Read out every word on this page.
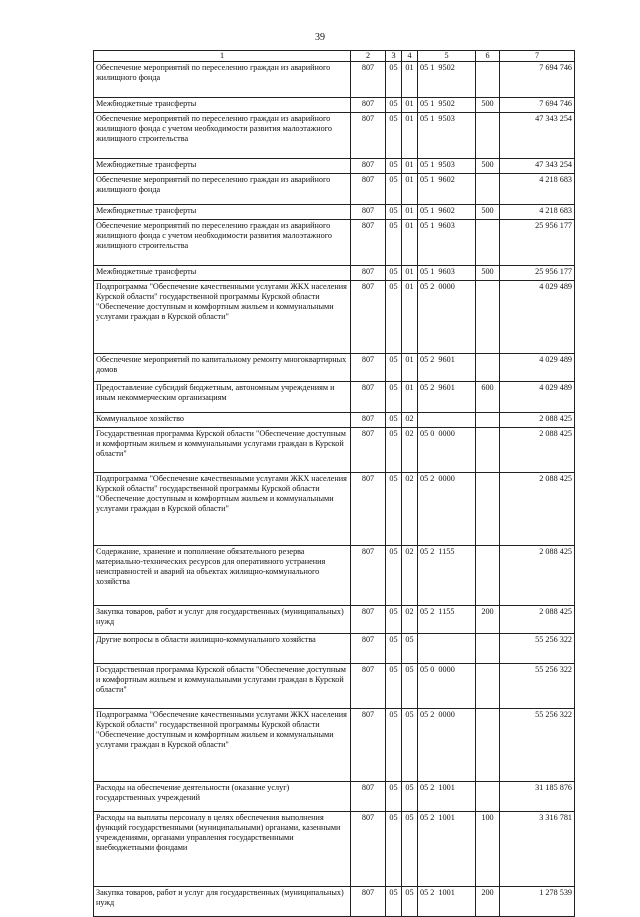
39
1	2	3	4	5	6	7
Обеспечение мероприятий по переселению граждан из аварийного жилищного фонда	807	05	01	05 1  9502		7 694 746
Межбюджетные трансферты	807	05	01	05 1  9502	500	7 694 746
Обеспечение мероприятий по переселению граждан из аварийного жилищного фонда с учетом необходимости развития малоэтажного жилищного строительства	807	05	01	05 1  9503		47 343 254
Межбюджетные трансферты	807	05	01	05 1  9503	500	47 343 254
Обеспечение мероприятий по переселению граждан из аварийного жилищного фонда	807	05	01	05 1  9602		4 218 683
Межбюджетные трансферты	807	05	01	05 1  9602	500	4 218 683
Обеспечение мероприятий по переселению граждан из аварийного жилищного фонда с учетом необходимости развития малоэтажного жилищного строительства	807	05	01	05 1  9603		25 956 177
Межбюджетные трансферты	807	05	01	05 1  9603	500	25 956 177
Подпрограмма "Обеспечение качественными услугами ЖКХ населения Курской области" государственной программы Курской области "Обеспечение доступным и комфортным жильем и коммунальными услугами граждан в Курской области"	807	05	01	05 2  0000		4 029 489
Обеспечение мероприятий по капитальному ремонту многоквартирных домов	807	05	01	05 2  9601		4 029 489
Предоставление субсидий бюджетным, автономным учреждениям и иным некоммерческим организациям	807	05	01	05 2  9601	600	4 029 489
Коммунальное хозяйство	807	05	02			2 088 425
Государственная программа Курской области "Обеспечение доступным и комфортным жильем и коммунальными услугами граждан в Курской области"	807	05	02	05 0  0000		2 088 425
Подпрограмма "Обеспечение качественными услугами ЖКХ населения Курской области" государственной программы Курской области "Обеспечение доступным и комфортным жильем и коммунальными услугами граждан в Курской области"	807	05	02	05 2  0000		2 088 425
Содержание, хранение и пополнение обязательного резерва материально-технических ресурсов для оперативного устранения неисправностей и аварий на объектах жилищно-коммунального хозяйства	807	05	02	05 2  1155		2 088 425
Закупка товаров, работ и услуг для государственных (муниципальных) нужд	807	05	02	05 2  1155	200	2 088 425
Другие вопросы в области жилищно-коммунального хозяйства	807	05	05			55 256 322
Государственная программа Курской области "Обеспечение доступным и комфортным жильем и коммунальными услугами граждан в Курской области"	807	05	05	05 0  0000		55 256 322
Подпрограмма "Обеспечение качественными услугами ЖКХ населения Курской области" государственной программы Курской области "Обеспечение доступным и комфортным жильем и коммунальными услугами граждан в Курской области"	807	05	05	05 2  0000		55 256 322
Расходы на обеспечение деятельности (оказание услуг) государственных учреждений	807	05	05	05 2  1001		31 185 876
Расходы на выплаты персоналу в целях обеспечения выполнения функций государственными (муниципальными) органами, казенными учреждениями, органами управления государственными внебюджетными фондами	807	05	05	05 2  1001	100	3 316 781
Закупка товаров, работ и услуг для государственных (муниципальных) нужд	807	05	05	05 2  1001	200	1 278 539
